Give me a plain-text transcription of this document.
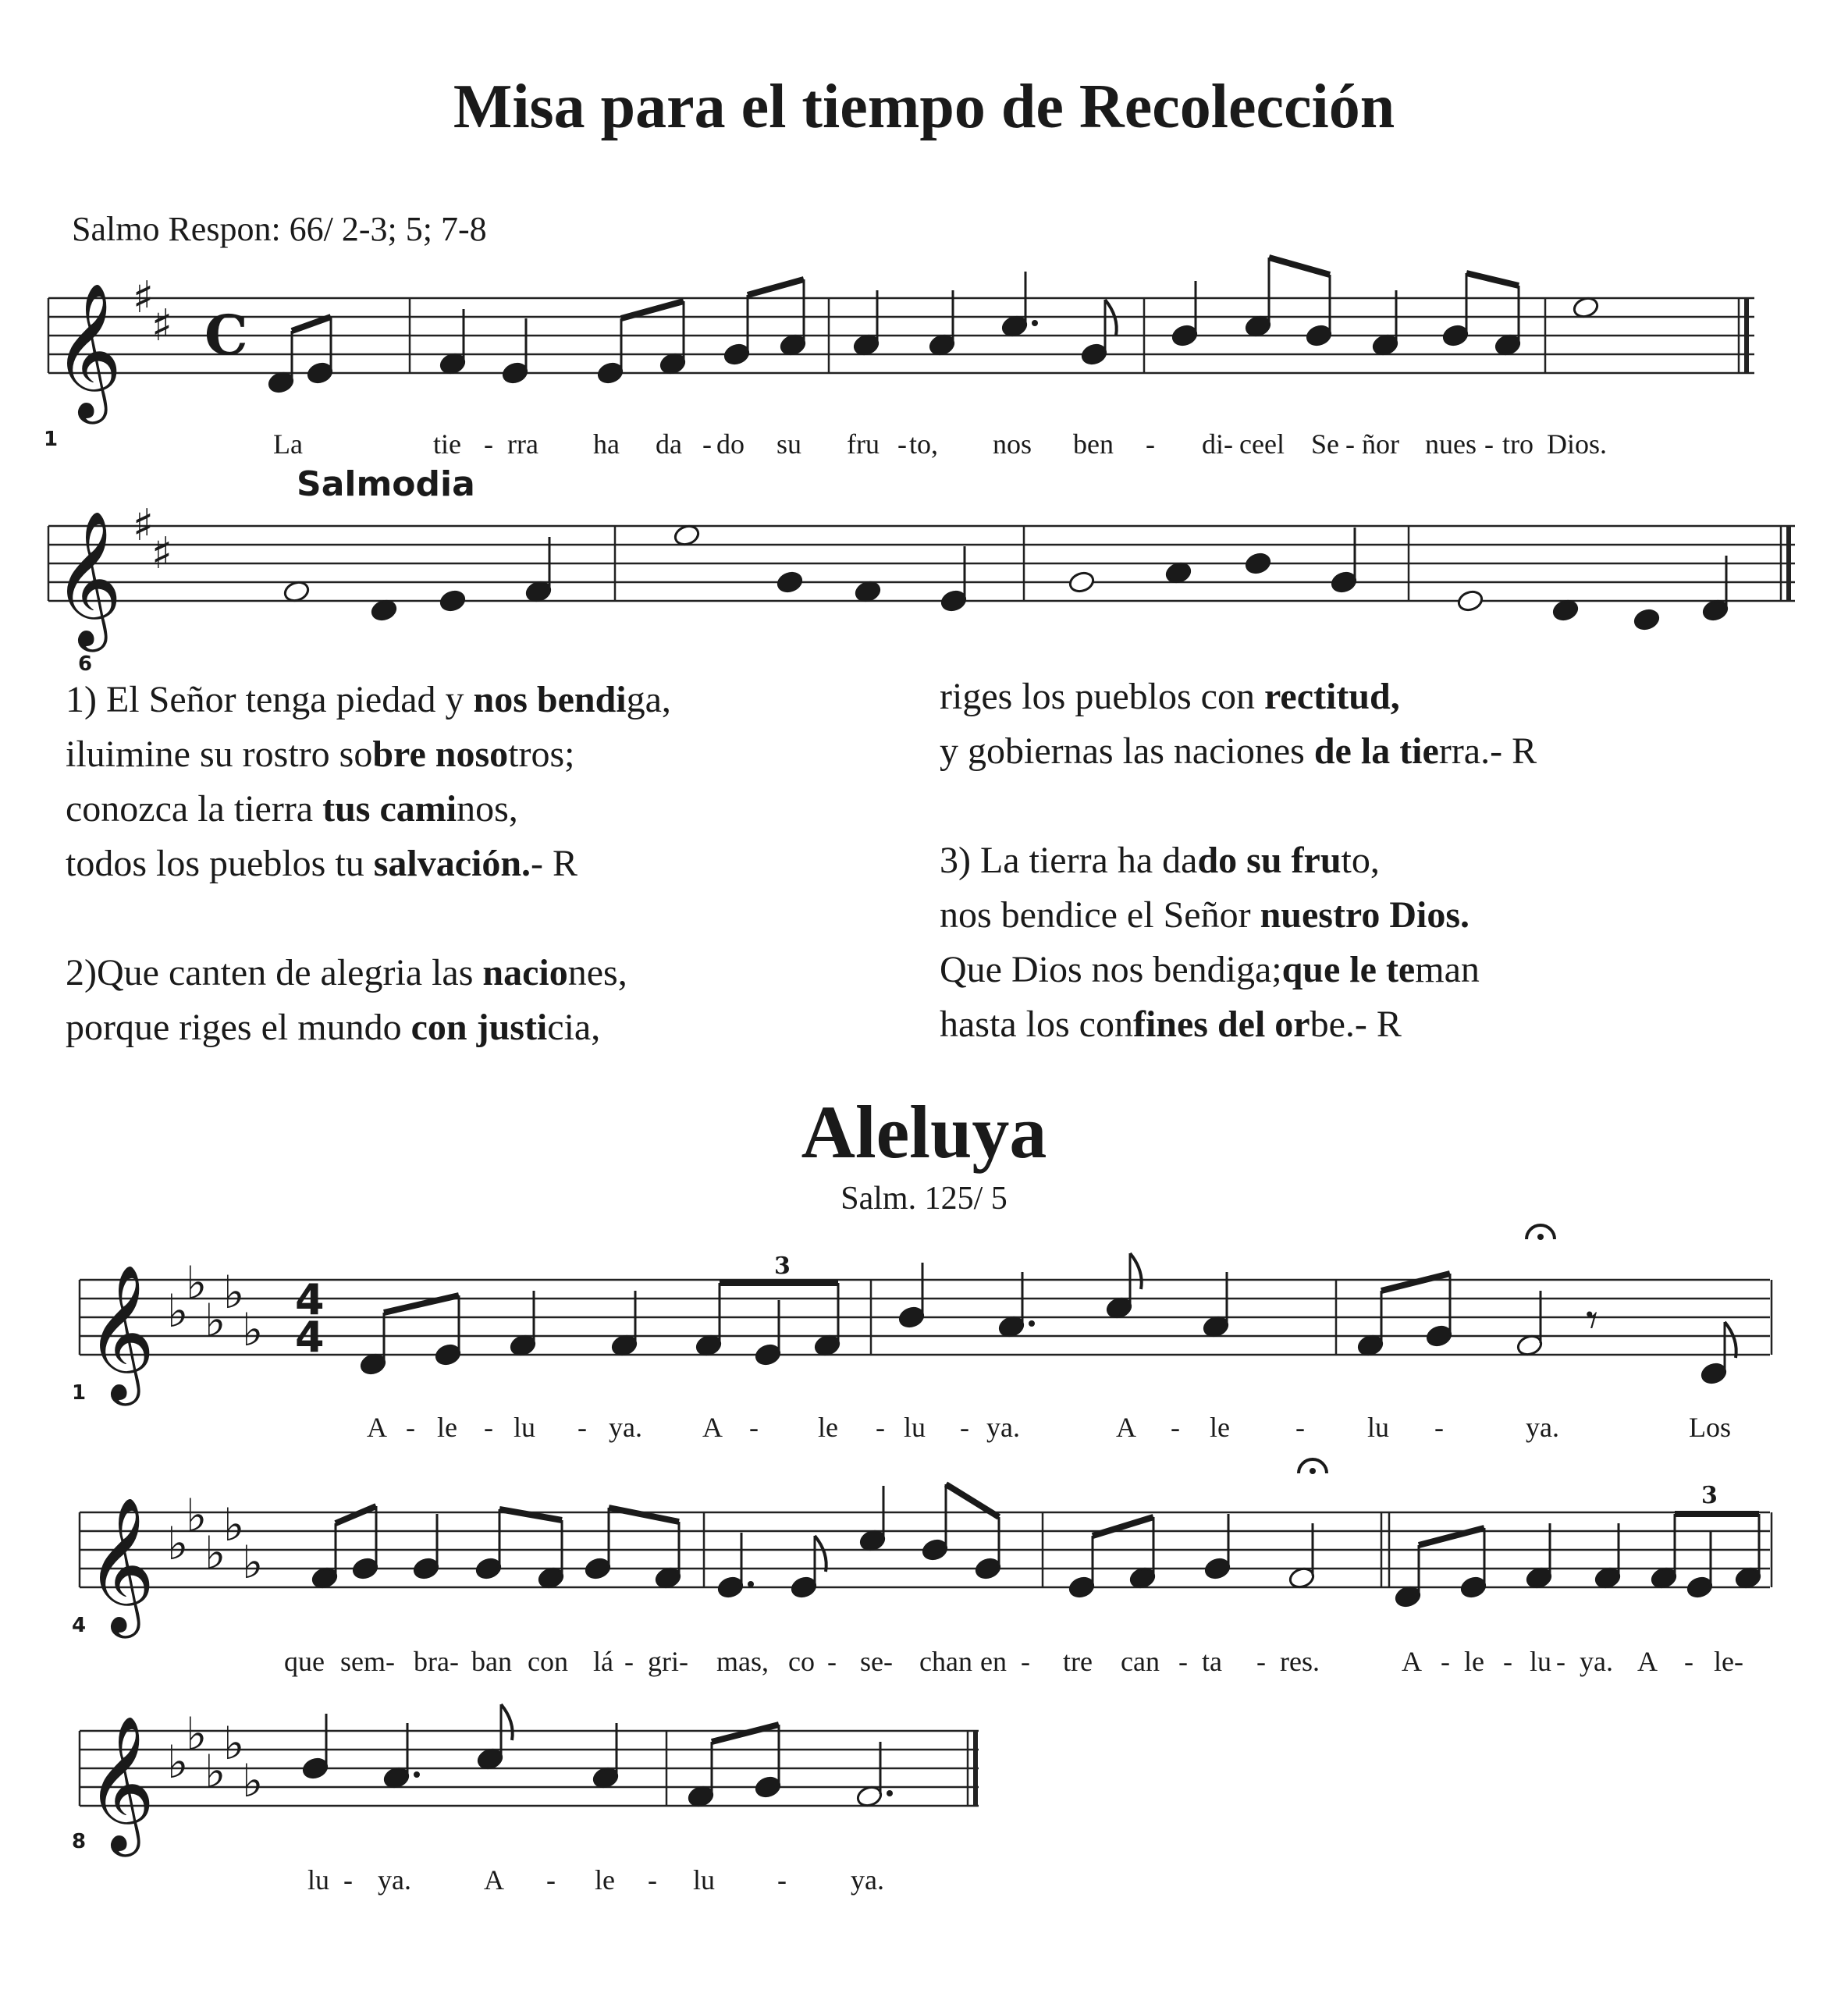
Misa para el tiempo de Recolección
Salmo Respon: 66/ 2-3; 5; 7-8
Salmodia
𝄞 ♯
♯ C
𝄞 ♯
♯
𝄞 ♭
♭
♭
♭
♭
4
4
3
𝄾
𝄞 ♭
♭
♭
♭
♭
3
𝄞 ♭
♭
♭
♭
♭
1
6
1
4
8
La	tie - rra ha da - do su fru - to, nos ben - di - ce el Se - ñor nues - tro Dios.
A - le - lu - ya. A - le - lu - ya.	A - le - lu -	ya.	Los
que sem- bra- ban con lá - gri- mas, co - se- chan en - tre can - ta - res.	A - le - lu - ya. A - le-
lu - ya.	A - le - lu - ya.
1) El Señor tenga piedad y nos bendiga,
iluimine su rostro sobre nosotros;
conozca la tierra tus caminos,
todos los pueblos tu salvación.- R
2)Que canten de alegria las naciones,
porque riges el mundo con justicia,
riges los pueblos con rectitud,
y gobiernas las naciones de la tierra.- R
3) La tierra ha dado su fruto,
nos bendice el Señor nuestro Dios.
Que Dios nos bendiga;que le teman
hasta los confines del orbe.- R
Aleluya
Salm. 125/ 5
